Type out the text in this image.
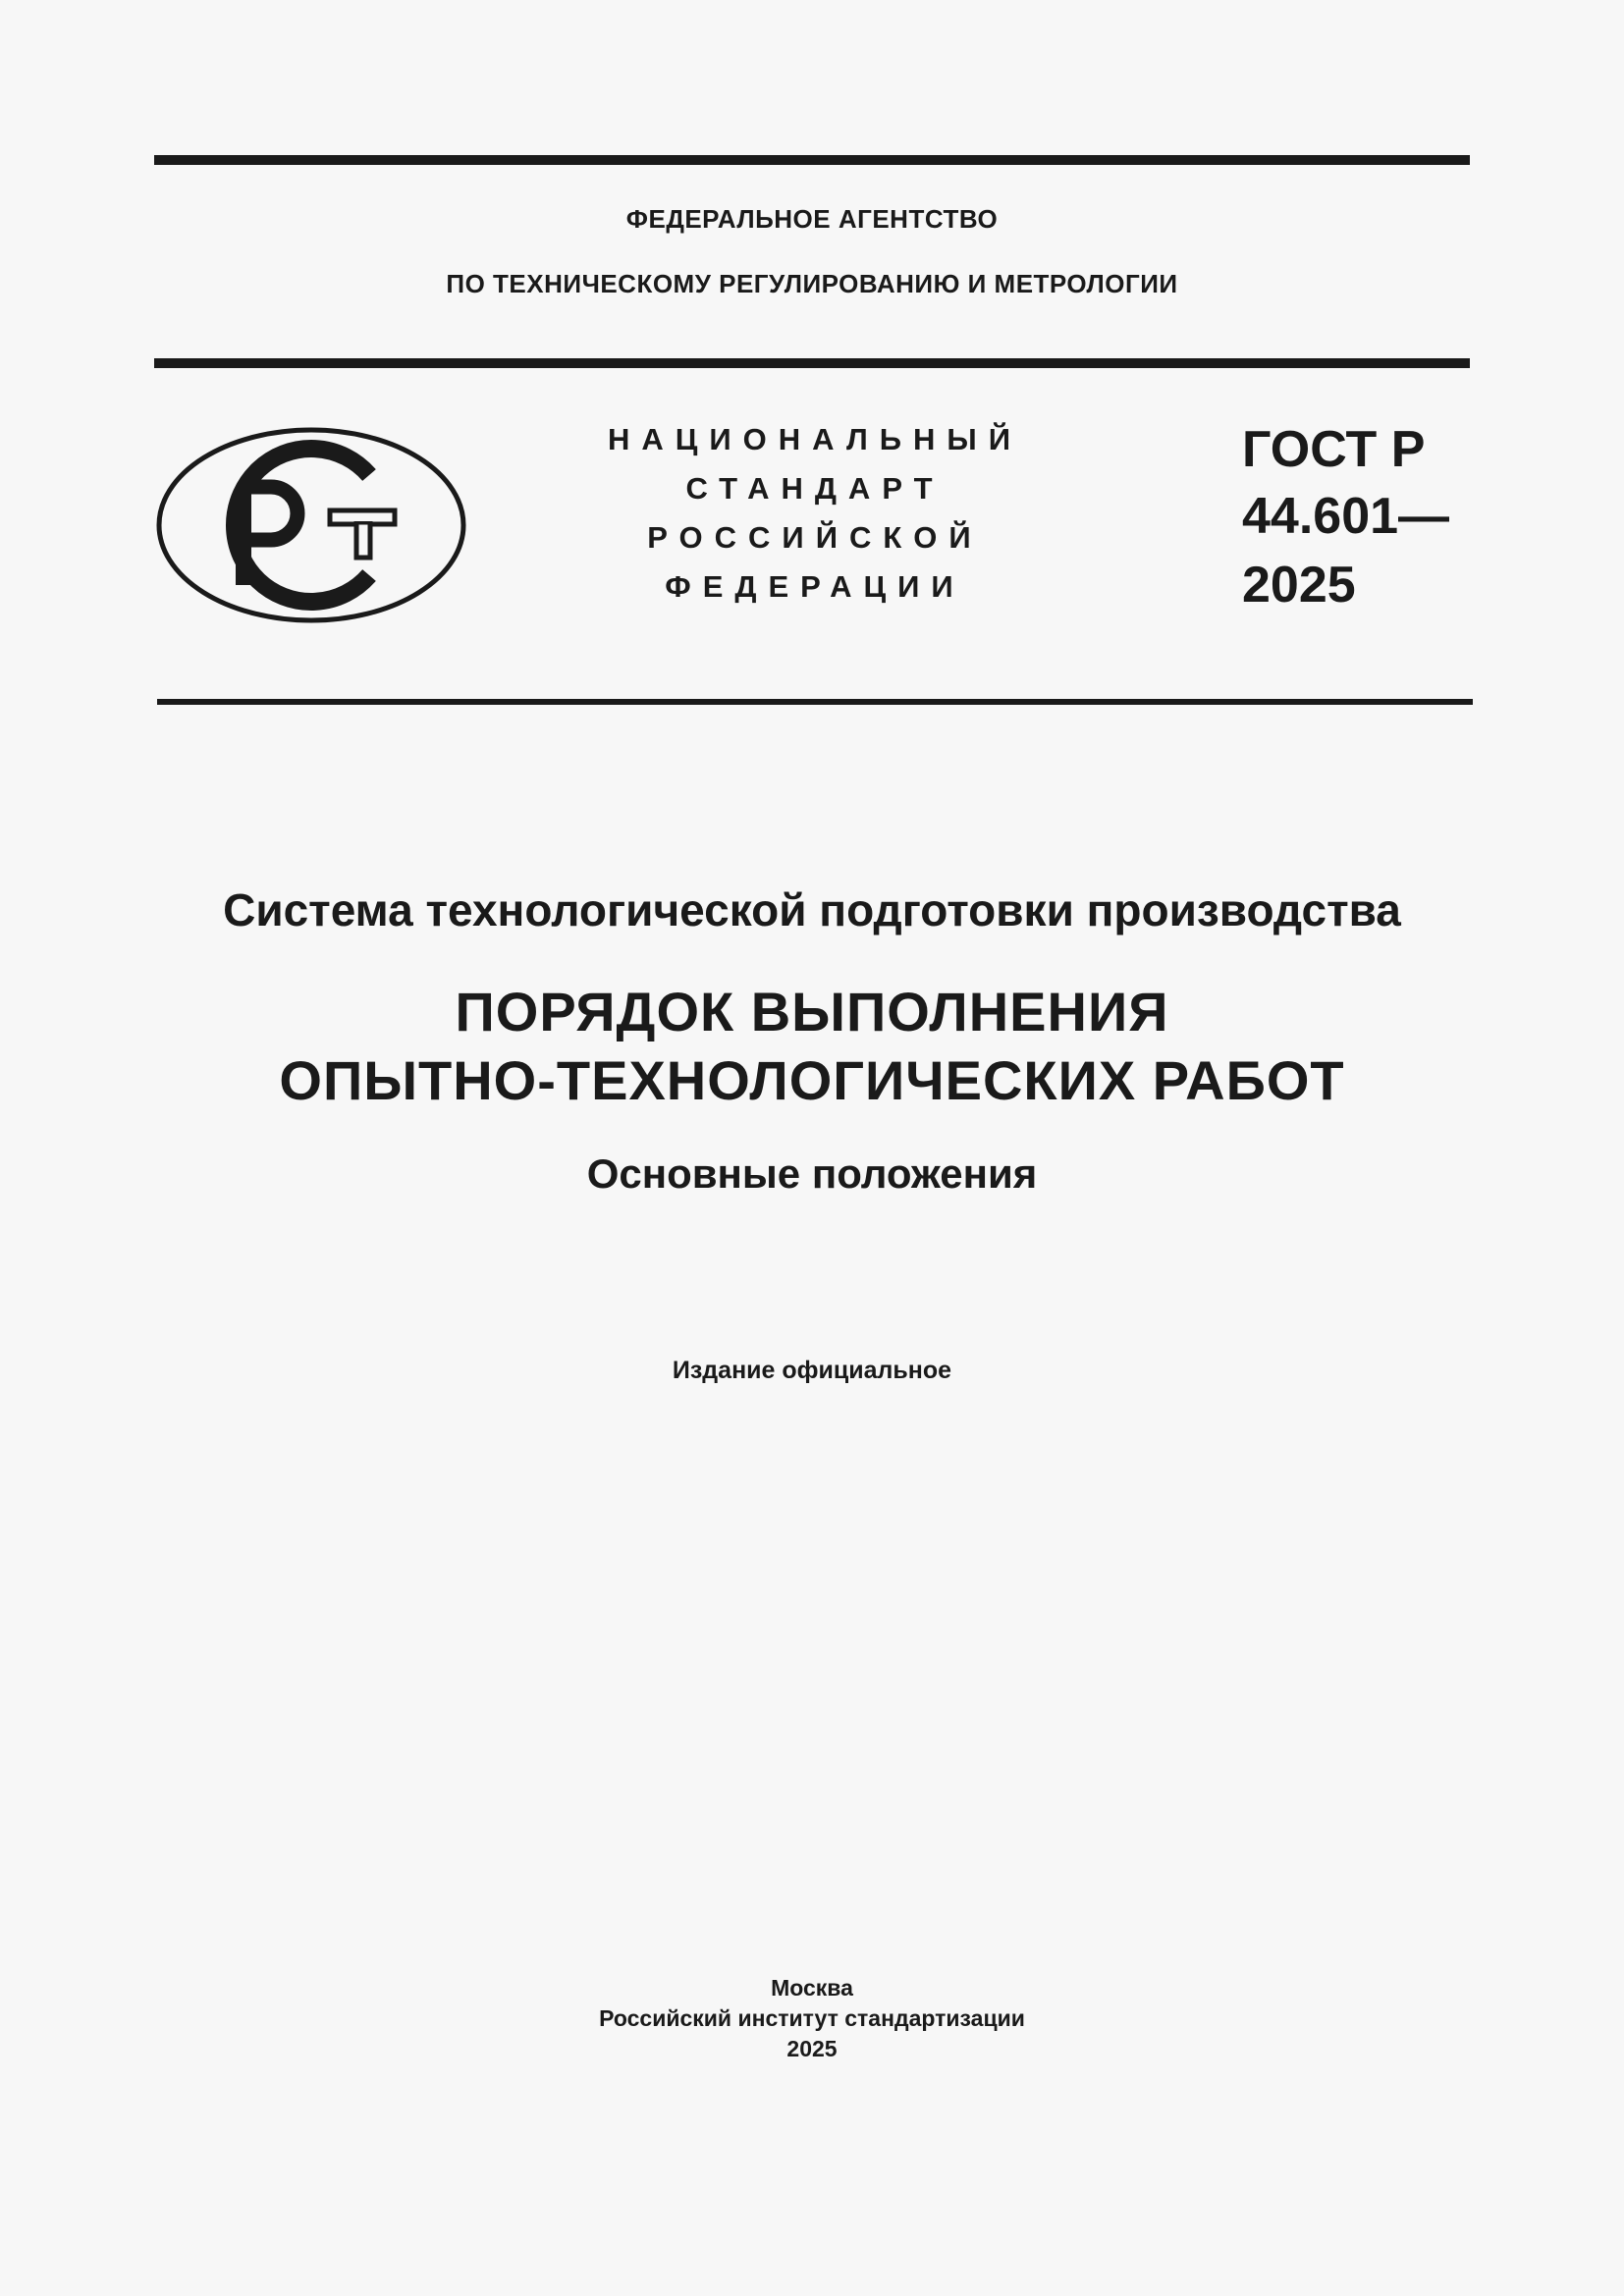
ФЕДЕРАЛЬНОЕ АГЕНТСТВО
ПО ТЕХНИЧЕСКОМУ РЕГУЛИРОВАНИЮ И МЕТРОЛОГИИ
НАЦИОНАЛЬНЫЙ
СТАНДАРТ
РОССИЙСКОЙ
ФЕДЕРАЦИИ
ГОСТ Р
44.601—
2025
Система технологической подготовки производства
ПОРЯДОК ВЫПОЛНЕНИЯ
ОПЫТНО-ТЕХНОЛОГИЧЕСКИХ РАБОТ
Основные положения
Издание официальное
Москва
Российский институт стандартизации
2025
